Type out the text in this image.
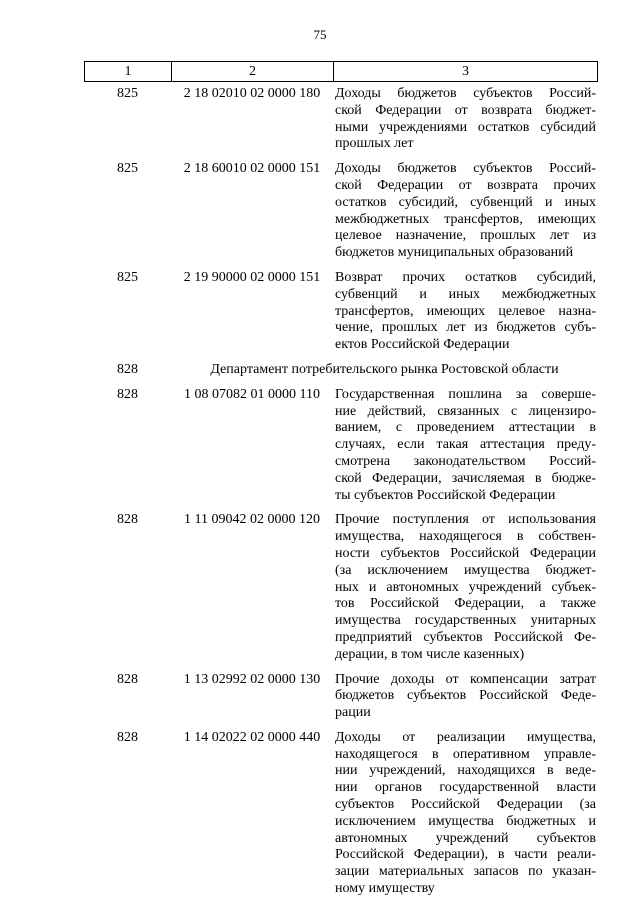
75
1	2	3
825	2 18 02010 02 0000 180	Доходы бюджетов субъектов Россий-
ской Федерации от возврата бюджет-
ными учреждениями остатков субсидий
прошлых лет
825	2 18 60010 02 0000 151	Доходы бюджетов субъектов Россий-
ской Федерации от возврата прочих
остатков субсидий, субвенций и иных
межбюджетных трансфертов, имеющих
целевое назначение, прошлых лет из
бюджетов муниципальных образований
825	2 19 90000 02 0000 151	Возврат прочих остатков субсидий,
субвенций и иных межбюджетных
трансфертов, имеющих целевое назна-
чение, прошлых лет из бюджетов субъ-
ектов Российской Федерации
828	Департамент потребительского рынка Ростовской области
828	1 08 07082 01 0000 110	Государственная пошлина за соверше-
ние действий, связанных с лицензиро-
ванием, с проведением аттестации в
случаях, если такая аттестация преду-
смотрена законодательством Россий-
ской Федерации, зачисляемая в бюдже-
ты субъектов Российской Федерации
828	1 11 09042 02 0000 120	Прочие поступления от использования
имущества, находящегося в собствен-
ности субъектов Российской Федерации
(за исключением имущества бюджет-
ных и автономных учреждений субъек-
тов Российской Федерации, а также
имущества государственных унитарных
предприятий субъектов Российской Фе-
дерации, в том числе казенных)
828	1 13 02992 02 0000 130	Прочие доходы от компенсации затрат
бюджетов субъектов Российской Феде-
рации
828	1 14 02022 02 0000 440	Доходы от реализации имущества,
находящегося в оперативном управле-
нии учреждений, находящихся в веде-
нии органов государственной власти
субъектов Российской Федерации (за
исключением имущества бюджетных и
автономных учреждений субъектов
Российской Федерации), в части реали-
зации материальных запасов по указан-
ному имуществу
